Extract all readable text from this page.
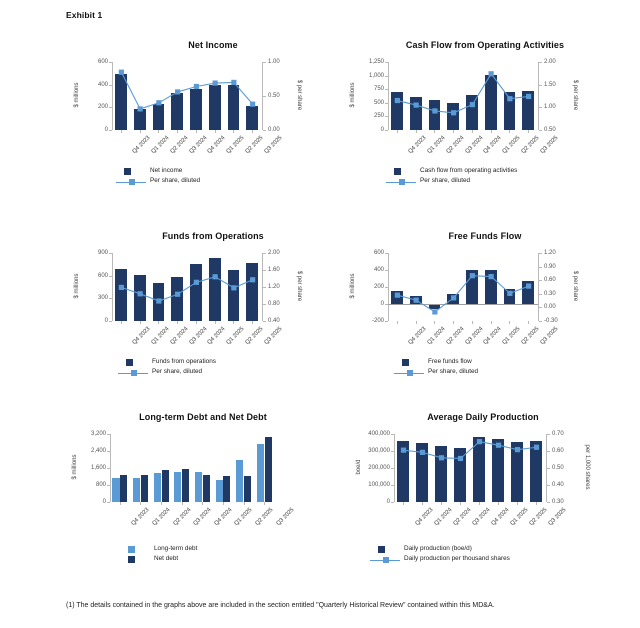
Exhibit 1
Net Income
$ millions
600
400
200
0
1.00
0.50
0.00
$ per share
Q4 2023
Q1 2024
Q2 2024
Q3 2024
Q4 2024
Q1 2025
Q2 2025
Q3 2025
Net income
Per share, diluted
Cash Flow from Operating Activities
$ millions
1,250
1,000
750
500
250
0
2.00
1.50
1.00
0.50
$ per share
Q4 2023
Q1 2024
Q2 2024
Q3 2024
Q4 2024
Q1 2025
Q2 2025
Q3 2025
Cash flow from operating activities
Per share, diluted
Funds from Operations
$ millions
900
600
300
0
2.00
1.60
1.20
0.80
0.40
$ per share
Q4 2023
Q1 2024
Q2 2024
Q3 2024
Q4 2024
Q1 2025
Q2 2025
Q3 2025
Funds from operations
Per share, diluted
Free Funds Flow
$ millions
600
400
200
0
-200
1.20
0.90
0.60
0.30
0.00
-0.30
$ per share
Q4 2023
Q1 2024
Q2 2024
Q3 2024
Q4 2024
Q1 2025
Q2 2025
Q3 2025
Free funds flow
Per share, diluted
Long-term Debt and Net Debt
$ millions
3,200
2,400
1,600
800
0
Q4 2023 Q1 2024 Q2 2024 Q3 2024 Q4 2024 Q1 2025 Q2 2025 Q3 2025
Long-term debt
Net debt
Average Daily Production
boe/d
400,000
300,000
200,000
100,000
0
0.70
0.60
0.50
0.40
0.30
per 1,000 shares
Q4 2023 Q1 2024 Q2 2024 Q3 2024 Q4 2024 Q1 2025 Q2 2025 Q3 2025
Daily production (boe/d)
Daily production per thousand shares
(1) The details contained in the graphs above are included in the section entitled "Quarterly Historical Review" contained within this MD&A.
